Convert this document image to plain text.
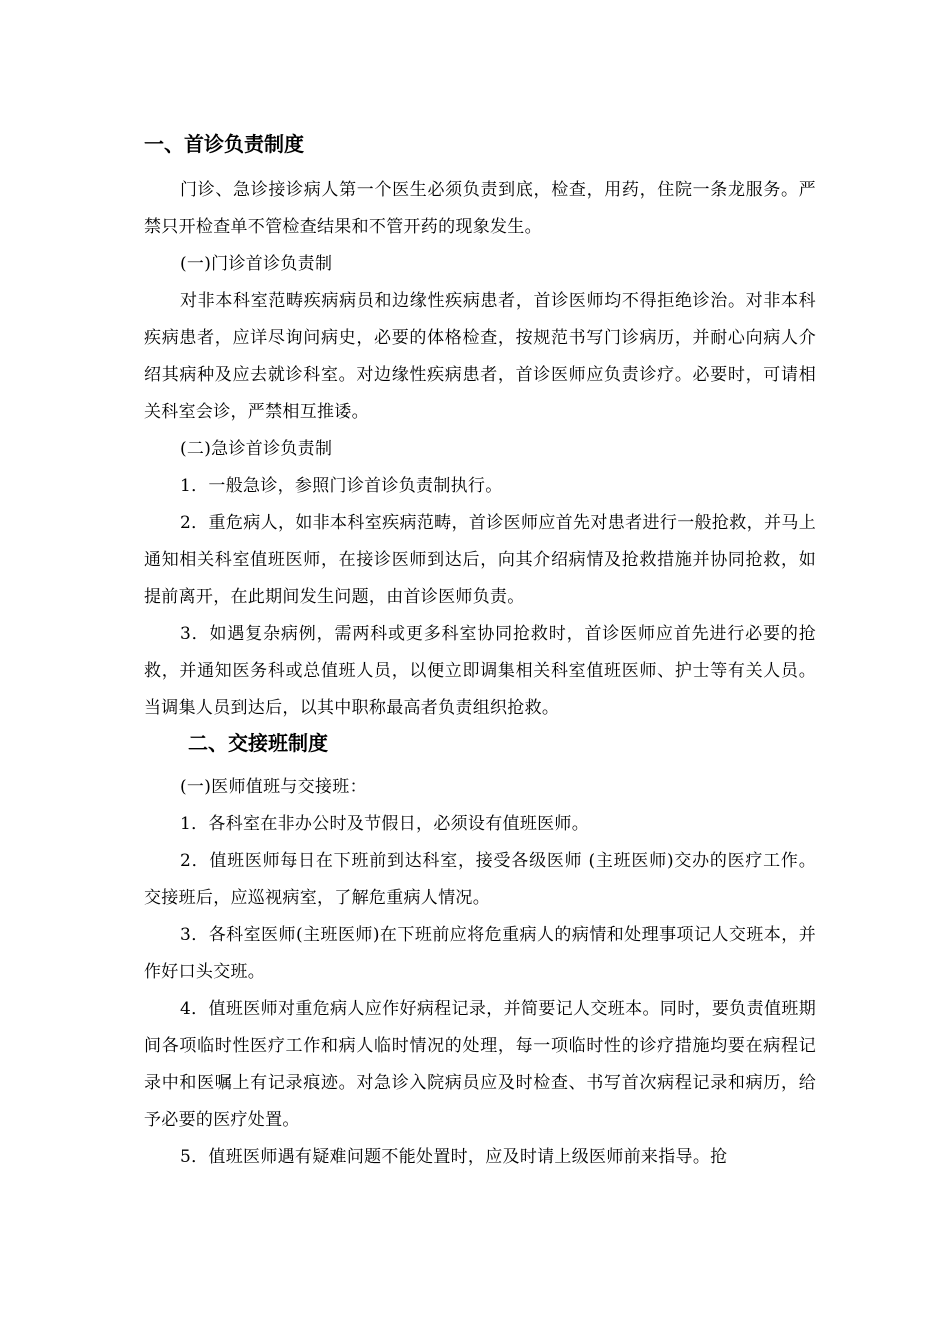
一、首诊负责制度

门诊、急诊接诊病人第一个医生必须负责到底，检查，用药，住院一条龙服务。严禁只开检查单不管检查结果和不管开药的现象发生。

(一)门诊首诊负责制

对非本科室范畴疾病病员和边缘性疾病患者，首诊医师均不得拒绝诊治。对非本科疾病患者，应详尽询问病史，必要的体格检查，按规范书写门诊病历，并耐心向病人介绍其病种及应去就诊科室。对边缘性疾病患者，首诊医师应负责诊疗。必要时，可请相关科室会诊，严禁相互推诿。

(二)急诊首诊负责制

1．一般急诊，参照门诊首诊负责制执行。

2．重危病人，如非本科室疾病范畴，首诊医师应首先对患者进行一般抢救，并马上通知相关科室值班医师，在接诊医师到达后，向其介绍病情及抢救措施并协同抢救，如提前离开，在此期间发生问题，由首诊医师负责。

3．如遇复杂病例，需两科或更多科室协同抢救时，首诊医师应首先进行必要的抢救，并通知医务科或总值班人员，以便立即调集相关科室值班医师、护士等有关人员。当调集人员到达后，以其中职称最高者负责组织抢救。

二、交接班制度

(一)医师值班与交接班：

1．各科室在非办公时及节假日，必须设有值班医师。

2．值班医师每日在下班前到达科室，接受各级医师 (主班医师)交办的医疗工作。交接班后，应巡视病室，了解危重病人情况。

3．各科室医师(主班医师)在下班前应将危重病人的病情和处理事项记人交班本，并作好口头交班。

4．值班医师对重危病人应作好病程记录，并简要记人交班本。同时，要负责值班期间各项临时性医疗工作和病人临时情况的处理，每一项临时性的诊疗措施均要在病程记录中和医嘱上有记录痕迹。对急诊入院病员应及时检查、书写首次病程记录和病历，给予必要的医疗处置。

5．值班医师遇有疑难问题不能处置时，应及时请上级医师前来指导。抢
